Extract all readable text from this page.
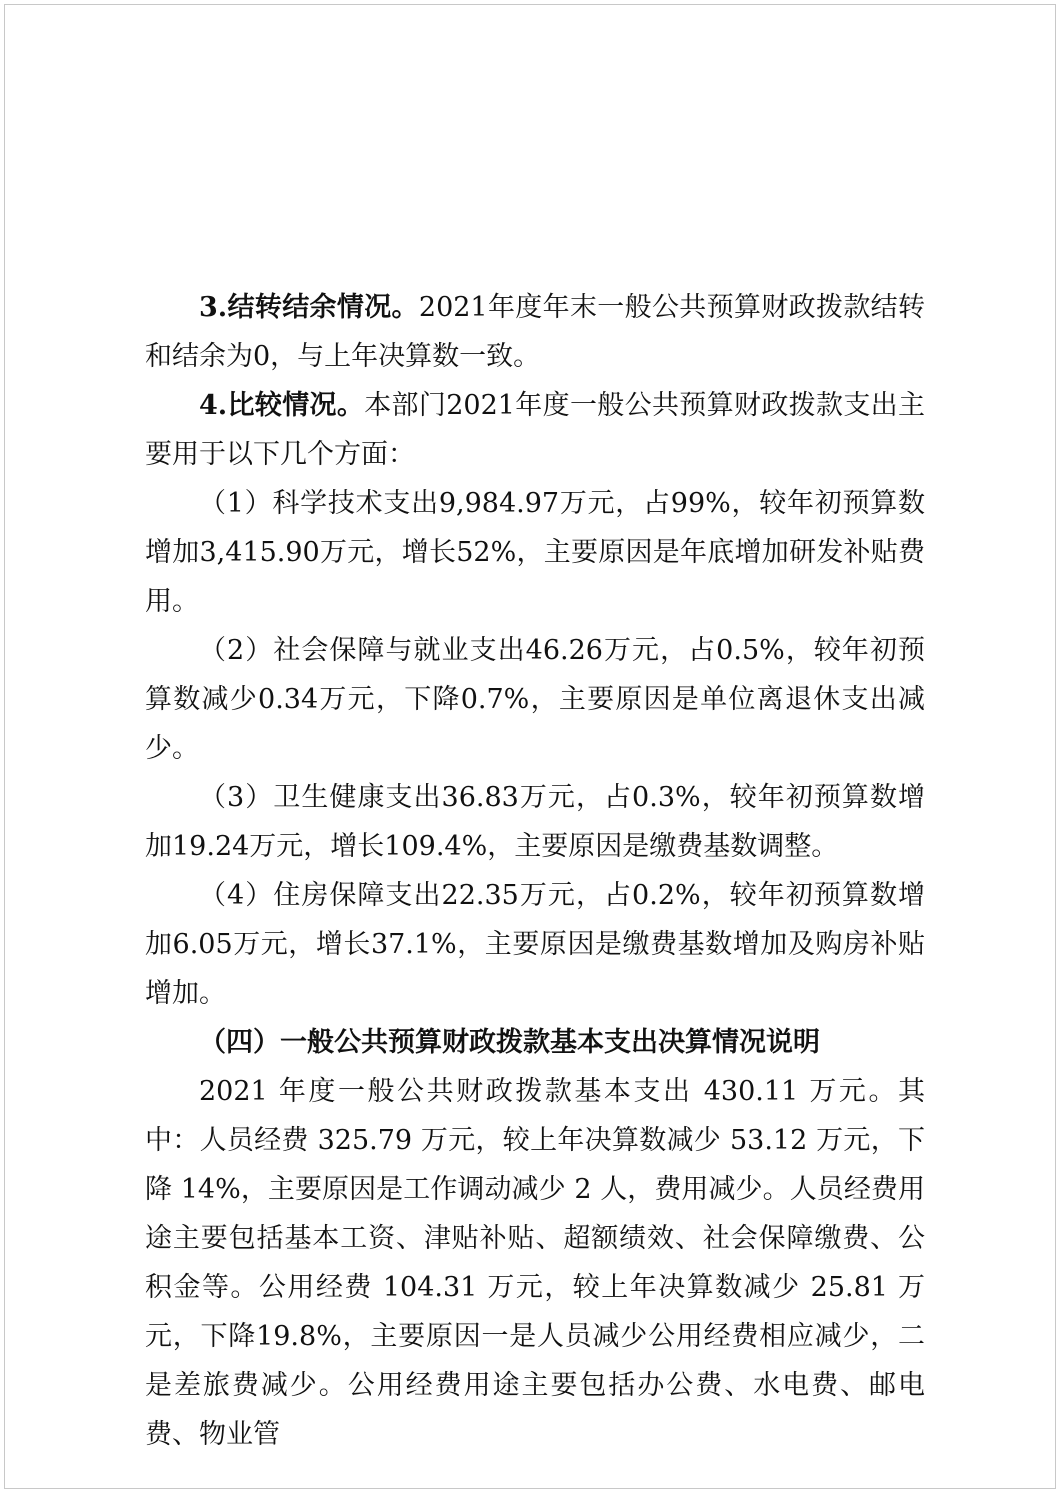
3.结转结余情况。2021年度年末一般公共预算财政拨款结转和结余为0，与上年决算数一致。

4.比较情况。本部门2021年度一般公共预算财政拨款支出主要用于以下几个方面：

（1）科学技术支出9,984.97万元，占99%，较年初预算数增加3,415.90万元，增长52%，主要原因是年底增加研发补贴费用。

（2）社会保障与就业支出46.26万元，占0.5%，较年初预算数减少0.34万元，下降0.7%，主要原因是单位离退休支出减少。

（3）卫生健康支出36.83万元，占0.3%，较年初预算数增加19.24万元，增长109.4%，主要原因是缴费基数调整。

（4）住房保障支出22.35万元，占0.2%，较年初预算数增加6.05万元，增长37.1%，主要原因是缴费基数增加及购房补贴增加。

（四）一般公共预算财政拨款基本支出决算情况说明

2021 年度一般公共财政拨款基本支出 430.11 万元。其中：人员经费 325.79 万元，较上年决算数减少 53.12 万元，下降 14%，主要原因是工作调动减少 2 人，费用减少。人员经费用途主要包括基本工资、津贴补贴、超额绩效、社会保障缴费、公积金等。公用经费 104.31 万元，较上年决算数减少 25.81 万元，下降19.8%，主要原因一是人员减少公用经费相应减少，二是差旅费减少。公用经费用途主要包括办公费、水电费、邮电费、物业管
